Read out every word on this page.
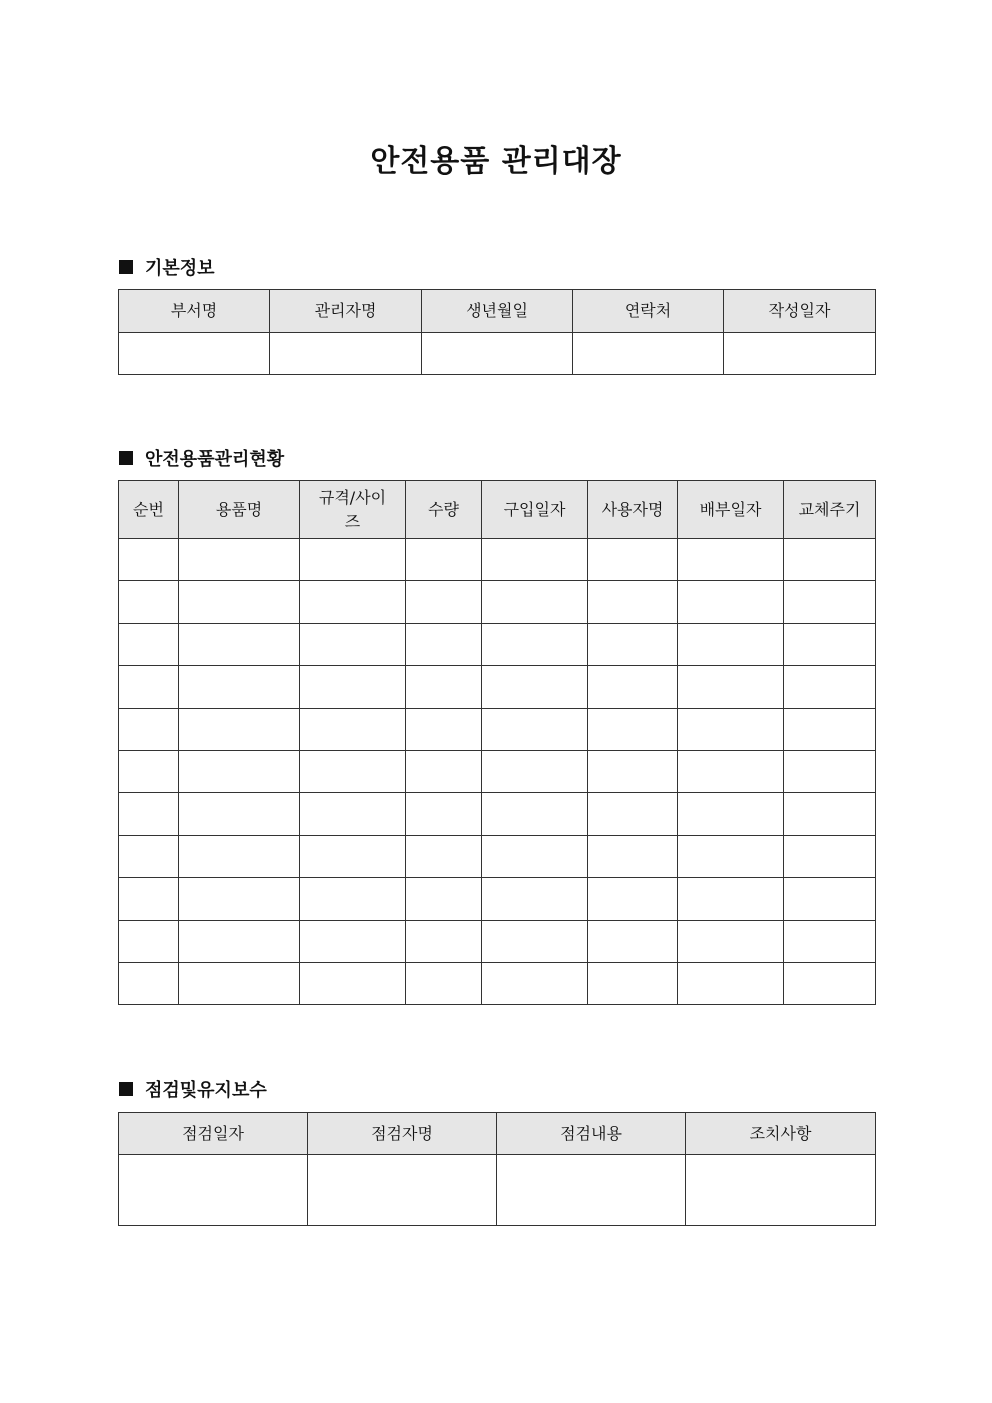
안전용품 관리대장
기본정보
부서명	관리자명	생년월일	연락처	작성일자

안전용품관리현황
순번	용품명	규격/사이즈	수량	구입일자	사용자명	배부일자	교체주기

점검및유지보수
점검일자	점검자명	점검내용	조치사항
